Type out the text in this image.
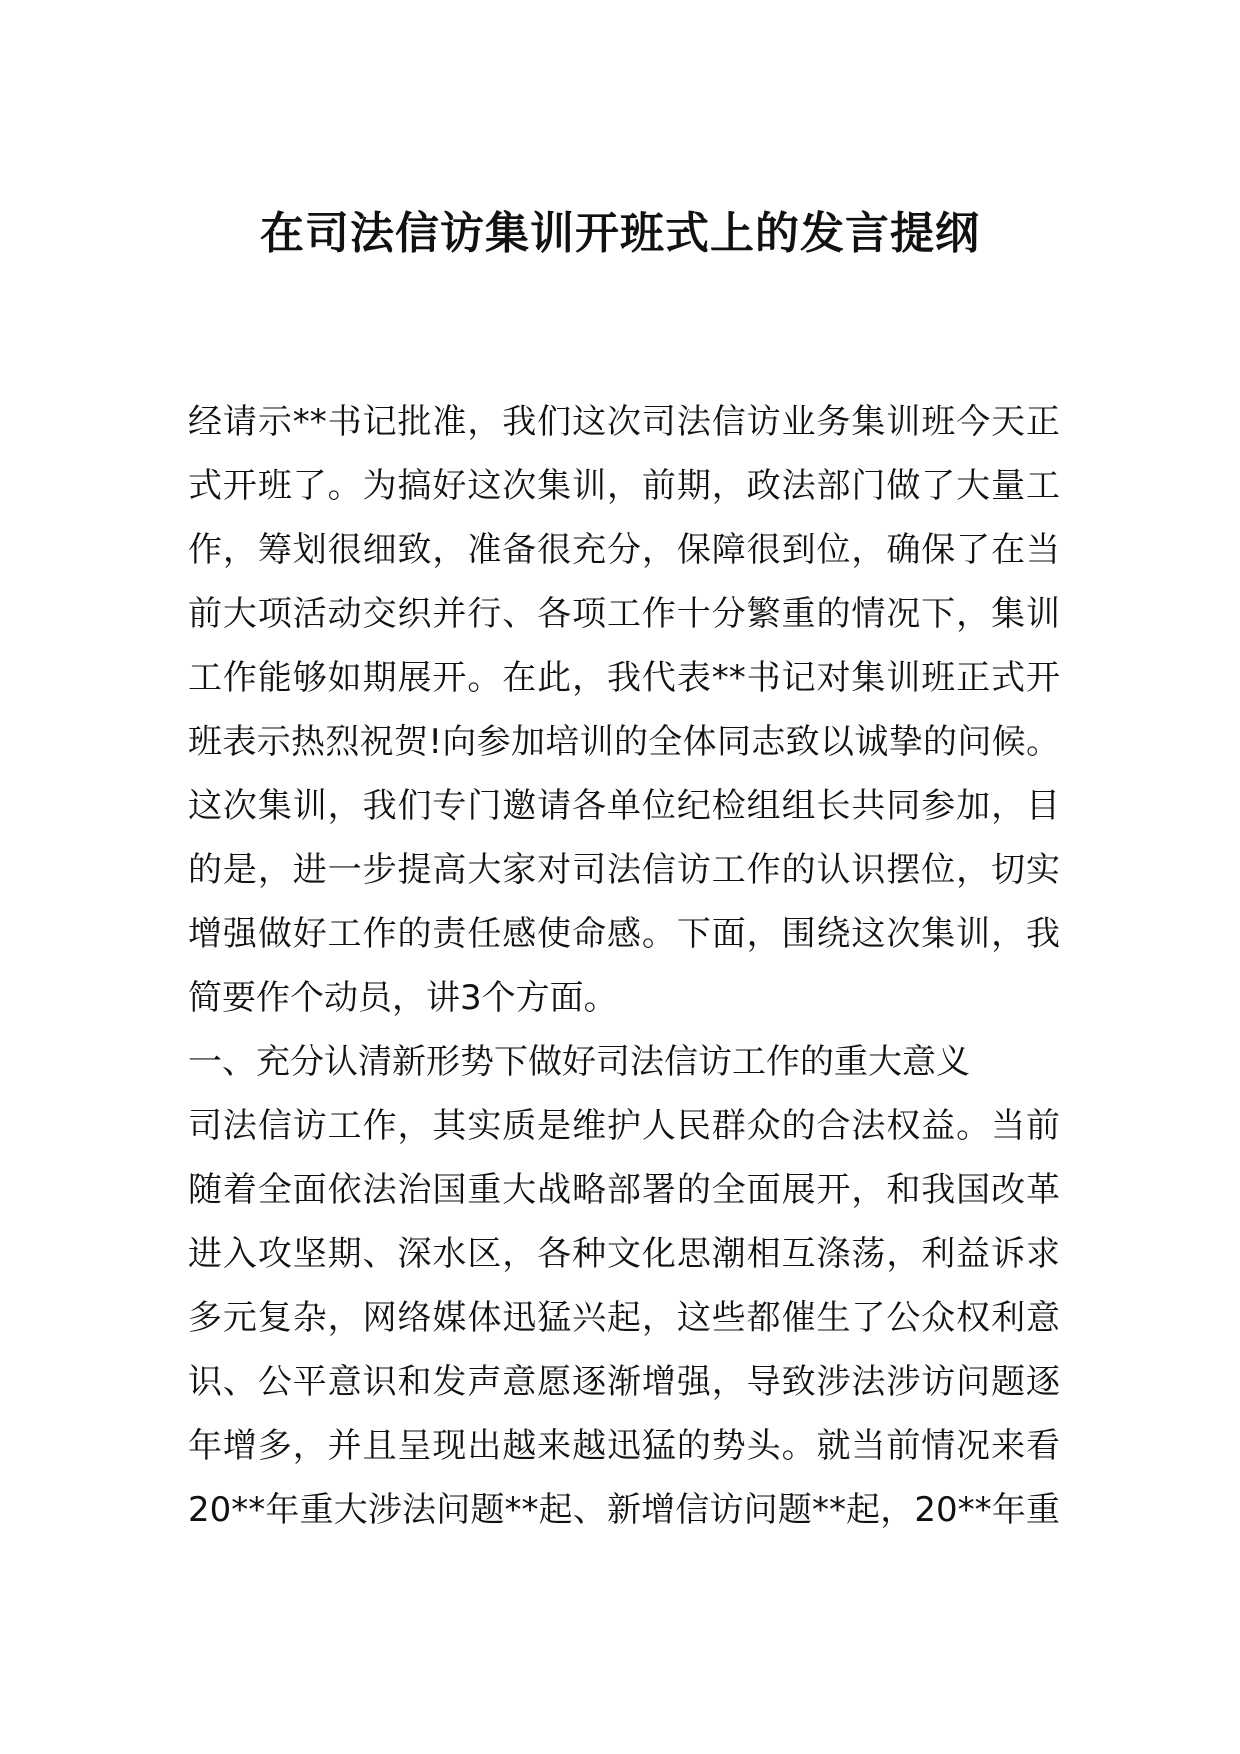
在司法信访集训开班式上的发言提纲
经请示**书记批准，我们这次司法信访业务集训班今天正
式开班了。为搞好这次集训，前期，政法部门做了大量工
作，筹划很细致，准备很充分，保障很到位，确保了在当
前大项活动交织并行、各项工作十分繁重的情况下，集训
工作能够如期展开。在此，我代表**书记对集训班正式开
班表示热烈祝贺!向参加培训的全体同志致以诚挚的问候。
这次集训，我们专门邀请各单位纪检组组长共同参加，目
的是，进一步提高大家对司法信访工作的认识摆位，切实
增强做好工作的责任感使命感。下面，围绕这次集训，我
简要作个动员，讲3个方面。
一、充分认清新形势下做好司法信访工作的重大意义
司法信访工作，其实质是维护人民群众的合法权益。当前
随着全面依法治国重大战略部署的全面展开，和我国改革
进入攻坚期、深水区，各种文化思潮相互涤荡，利益诉求
多元复杂，网络媒体迅猛兴起，这些都催生了公众权利意
识、公平意识和发声意愿逐渐增强，导致涉法涉访问题逐
年增多，并且呈现出越来越迅猛的势头。就当前情况来看
20**年重大涉法问题**起、新增信访问题**起，20**年重
